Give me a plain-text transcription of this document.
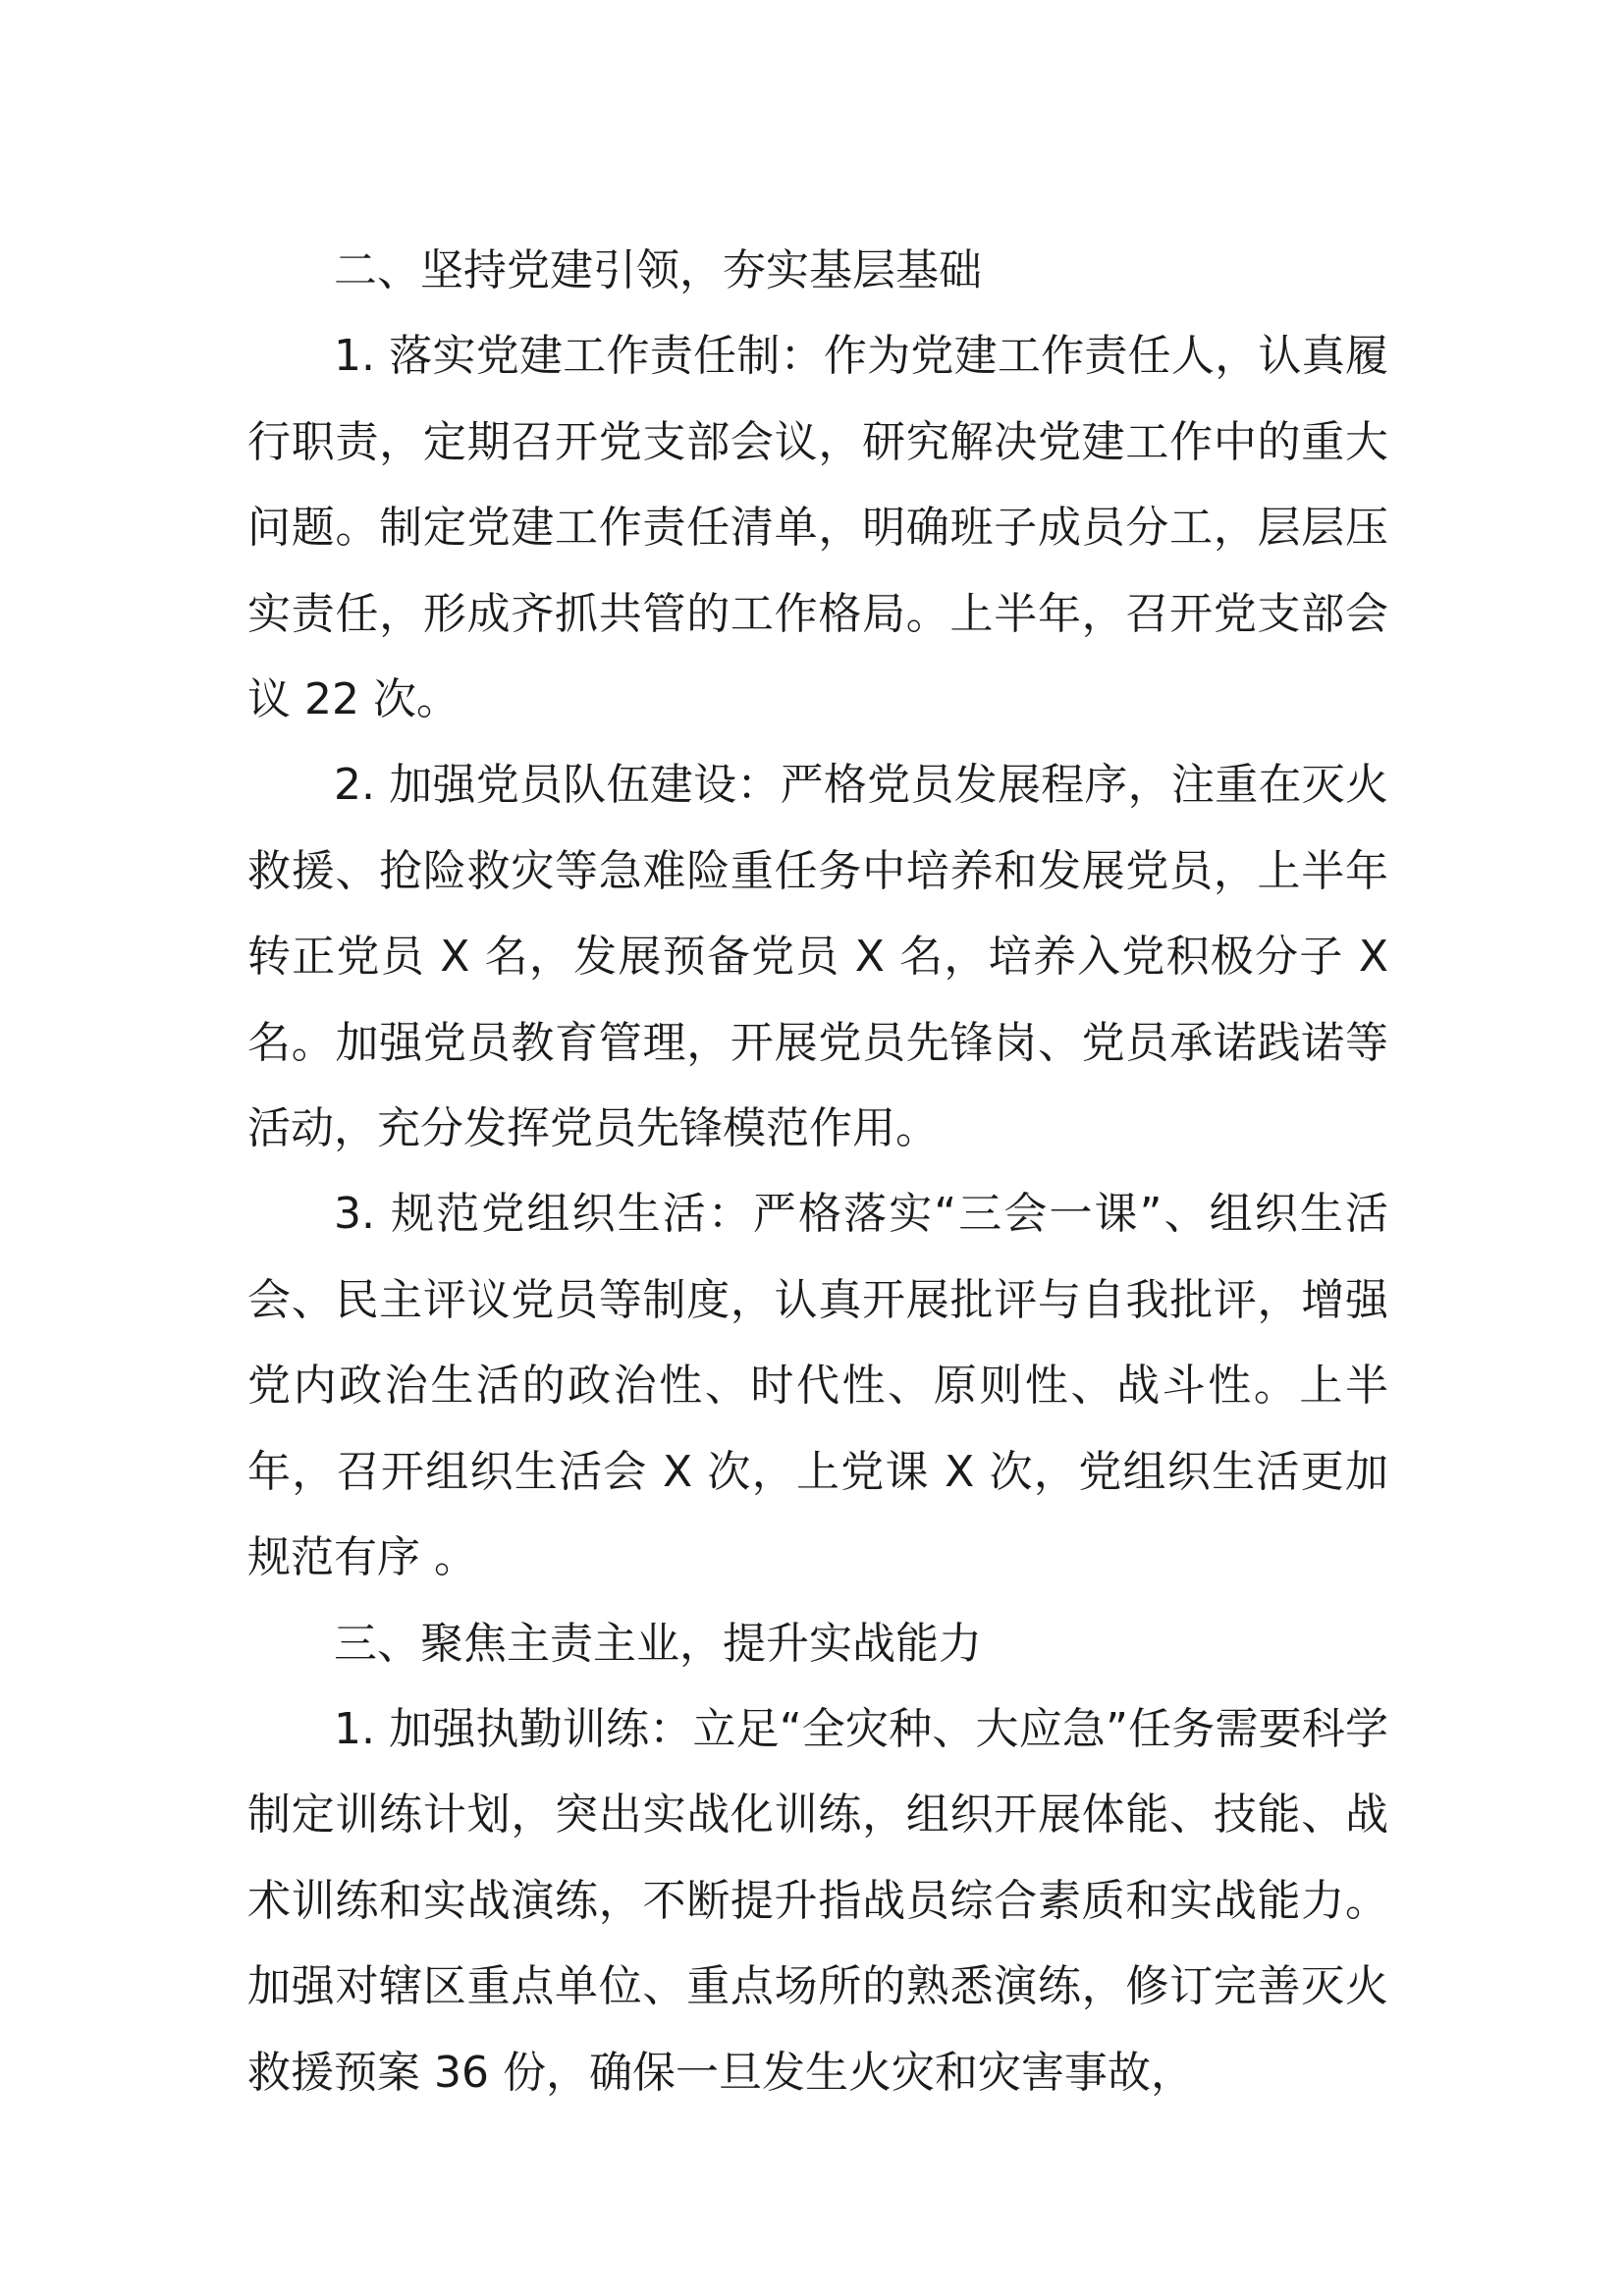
二、坚持党建引领，夯实基层基础

1. 落实党建工作责任制：作为党建工作责任人，认真履行职责，定期召开党支部会议，研究解决党建工作中的重大问题。制定党建工作责任清单，明确班子成员分工，层层压实责任，形成齐抓共管的工作格局。上半年，召开党支部会议 22 次。

2. 加强党员队伍建设：严格党员发展程序，注重在灭火救援、抢险救灾等急难险重任务中培养和发展党员，上半年转正党员 X 名，发展预备党员 X 名，培养入党积极分子 X 名。加强党员教育管理，开展党员先锋岗、党员承诺践诺等活动，充分发挥党员先锋模范作用。

3. 规范党组织生活：严格落实“三会一课”、组织生活会、民主评议党员等制度，认真开展批评与自我批评，增强党内政治生活的政治性、时代性、原则性、战斗性。上半年，召开组织生活会 X 次，上党课 X 次，党组织生活更加规范有序 。

三、聚焦主责主业，提升实战能力

1. 加强执勤训练：立足“全灾种、大应急”任务需要科学制定训练计划，突出实战化训练，组织开展体能、技能、战术训练和实战演练，不断提升指战员综合素质和实战能力。加强对辖区重点单位、重点场所的熟悉演练，修订完善灭火救援预案 36 份，确保一旦发生火灾和灾害事故，
